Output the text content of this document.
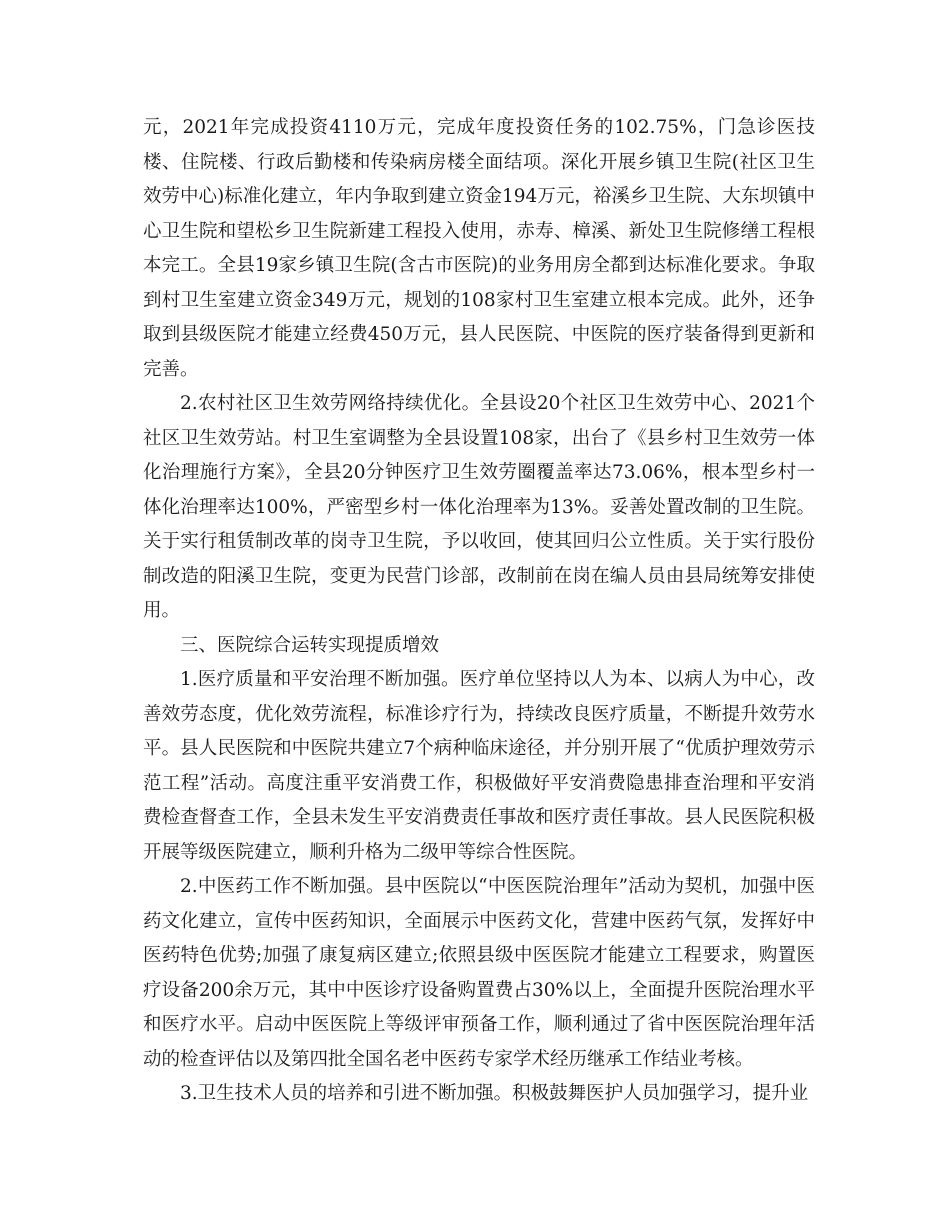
元，2021年完成投资4110万元，完成年度投资任务的102.75%，门急诊医技楼、住院楼、行政后勤楼和传染病房楼全面结项。深化开展乡镇卫生院(社区卫生效劳中心)标准化建立，年内争取到建立资金194万元，裕溪乡卫生院、大东坝镇中心卫生院和望松乡卫生院新建工程投入使用，赤寿、樟溪、新处卫生院修缮工程根本完工。全县19家乡镇卫生院(含古市医院)的业务用房全都到达标准化要求。争取到村卫生室建立资金349万元，规划的108家村卫生室建立根本完成。此外，还争取到县级医院才能建立经费450万元，县人民医院、中医院的医疗装备得到更新和完善。

2.农村社区卫生效劳网络持续优化。全县设20个社区卫生效劳中心、2021个社区卫生效劳站。村卫生室调整为全县设置108家，出台了《县乡村卫生效劳一体化治理施行方案》，全县20分钟医疗卫生效劳圈覆盖率达73.06%，根本型乡村一体化治理率达100%，严密型乡村一体化治理率为13%。妥善处置改制的卫生院。关于实行租赁制改革的岗寺卫生院，予以收回，使其回归公立性质。关于实行股份制改造的阳溪卫生院，变更为民营门诊部，改制前在岗在编人员由县局统筹安排使用。

三、医院综合运转实现提质增效

1.医疗质量和平安治理不断加强。医疗单位坚持以人为本、以病人为中心，改善效劳态度，优化效劳流程，标准诊疗行为，持续改良医疗质量，不断提升效劳水平。县人民医院和中医院共建立7个病种临床途径，并分别开展了“优质护理效劳示范工程”活动。高度注重平安消费工作，积极做好平安消费隐患排查治理和平安消费检查督查工作，全县未发生平安消费责任事故和医疗责任事故。县人民医院积极开展等级医院建立，顺利升格为二级甲等综合性医院。

2.中医药工作不断加强。县中医院以“中医医院治理年”活动为契机，加强中医药文化建立，宣传中医药知识，全面展示中医药文化，营建中医药气氛，发挥好中医药特色优势;加强了康复病区建立;依照县级中医医院才能建立工程要求，购置医疗设备200余万元，其中中医诊疗设备购置费占30%以上，全面提升医院治理水平和医疗水平。启动中医医院上等级评审预备工作，顺利通过了省中医医院治理年活动的检查评估以及第四批全国名老中医药专家学术经历继承工作结业考核。

3.卫生技术人员的培养和引进不断加强。积极鼓舞医护人员加强学习，提升业
